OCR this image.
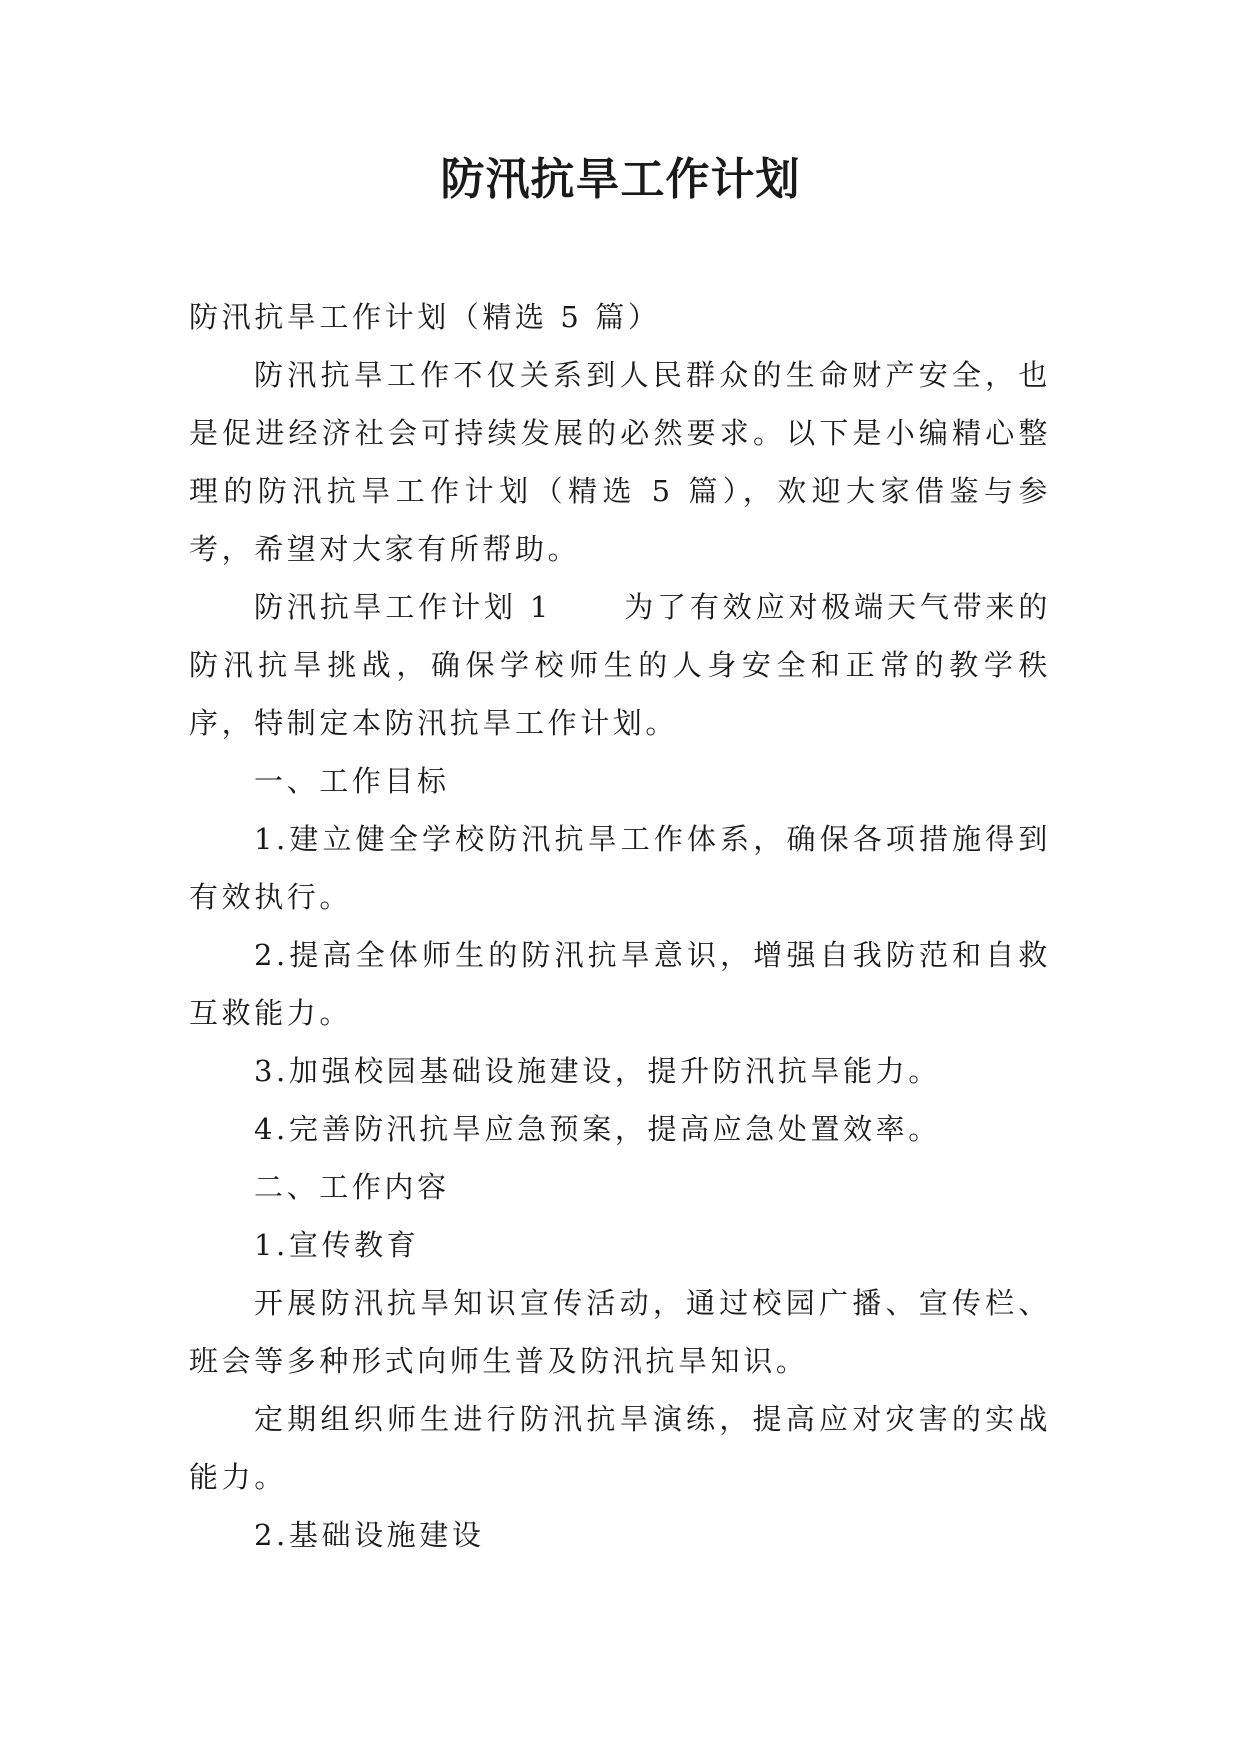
防汛抗旱工作计划

防汛抗旱工作计划（精选 5 篇）

防汛抗旱工作不仅关系到人民群众的生命财产安全，也是促进经济社会可持续发展的必然要求。以下是小编精心整理的防汛抗旱工作计划（精选 5 篇），欢迎大家借鉴与参考，希望对大家有所帮助。

防汛抗旱工作计划 1 为了有效应对极端天气带来的防汛抗旱挑战，确保学校师生的人身安全和正常的教学秩序，特制定本防汛抗旱工作计划。

一、工作目标

1.建立健全学校防汛抗旱工作体系，确保各项措施得到有效执行。

2.提高全体师生的防汛抗旱意识，增强自我防范和自救互救能力。

3.加强校园基础设施建设，提升防汛抗旱能力。

4.完善防汛抗旱应急预案，提高应急处置效率。

二、工作内容

1.宣传教育

开展防汛抗旱知识宣传活动，通过校园广播、宣传栏、班会等多种形式向师生普及防汛抗旱知识。

定期组织师生进行防汛抗旱演练，提高应对灾害的实战能力。

2.基础设施建设
